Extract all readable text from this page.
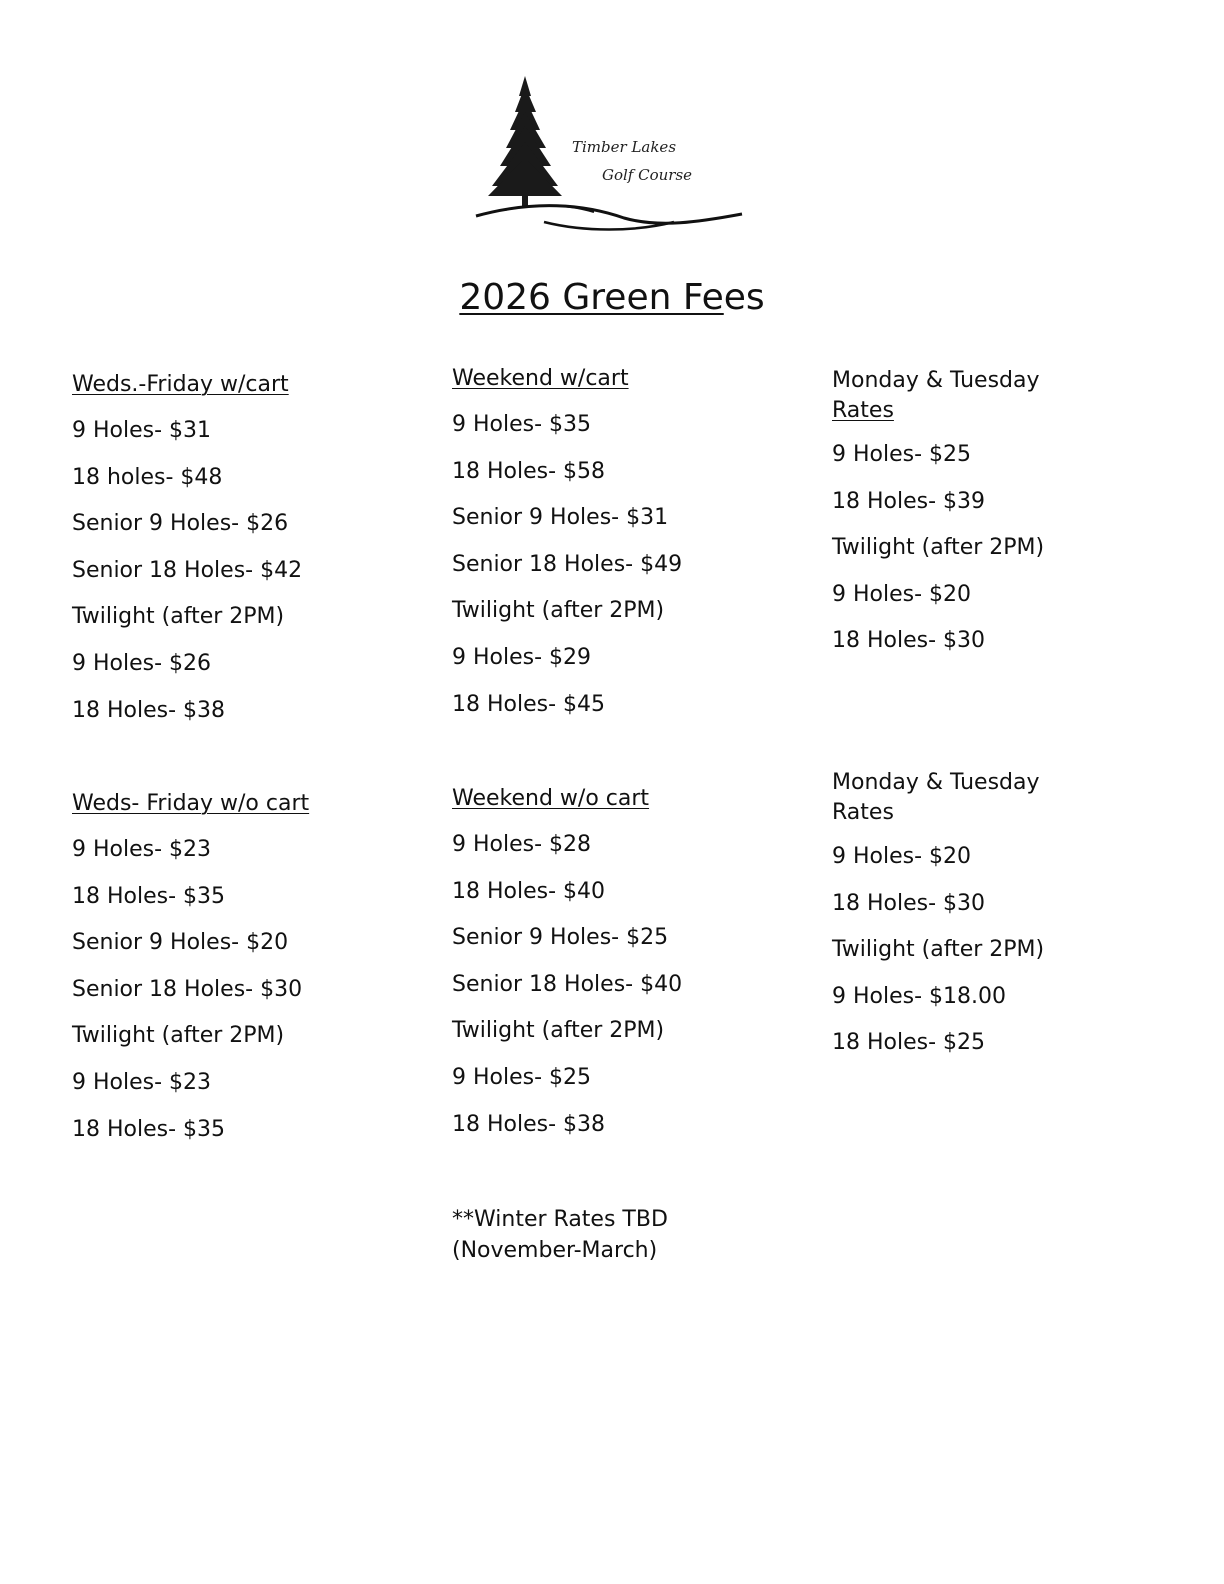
Timber Lakes
Golf Course
2026 Green Fees
Weds.-Friday w/cart
9 Holes- $31
18 holes- $48
Senior 9 Holes- $26
Senior 18 Holes- $42
Twilight (after 2PM)
9 Holes- $26
18 Holes- $38
Weekend w/cart
9 Holes- $35
18 Holes- $58
Senior 9 Holes- $31
Senior 18 Holes- $49
Twilight (after 2PM)
9 Holes- $29
18 Holes- $45
Monday & Tuesday
Rates
9 Holes- $25
18 Holes- $39
Twilight (after 2PM)
9 Holes- $20
18 Holes- $30
Weds- Friday w/o cart
9 Holes- $23
18 Holes- $35
Senior 9 Holes- $20
Senior 18 Holes- $30
Twilight (after 2PM)
9 Holes- $23
18 Holes- $35
Weekend w/o cart
9 Holes- $28
18 Holes- $40
Senior 9 Holes- $25
Senior 18 Holes- $40
Twilight (after 2PM)
9 Holes- $25
18 Holes- $38
Monday & Tuesday
Rates
9 Holes- $20
18 Holes- $30
Twilight (after 2PM)
9 Holes- $18.00
18 Holes- $25

**Winter Rates TBD

(November-March)
